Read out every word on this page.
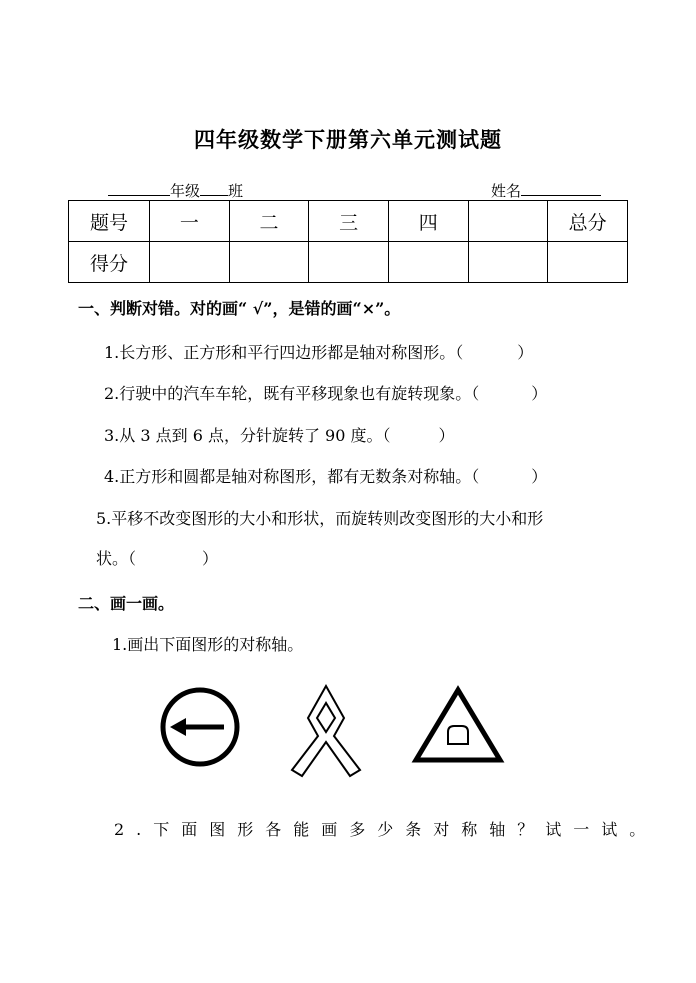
四年级数学下册第六单元测试题
年级 班	姓名
题号	一	二	三	四		总分
得分						
一、判断对错。对的画“ √”，是错的画“×”。
1.长方形、正方形和平行四边形都是轴对称图形。（	）
2.行驶中的汽车车轮，既有平移现象也有旋转现象。（	）
3.从 3 点到 6 点，分针旋转了 90 度。（	）
4.正方形和圆都是轴对称图形，都有无数条对称轴。（	）
5.平移不改变图形的大小和形状，而旋转则改变图形的大小和形
状。（	）
二、画一画。
1.画出下面图形的对称轴。
2.下面图形各能画多少条对称轴？试一试。
